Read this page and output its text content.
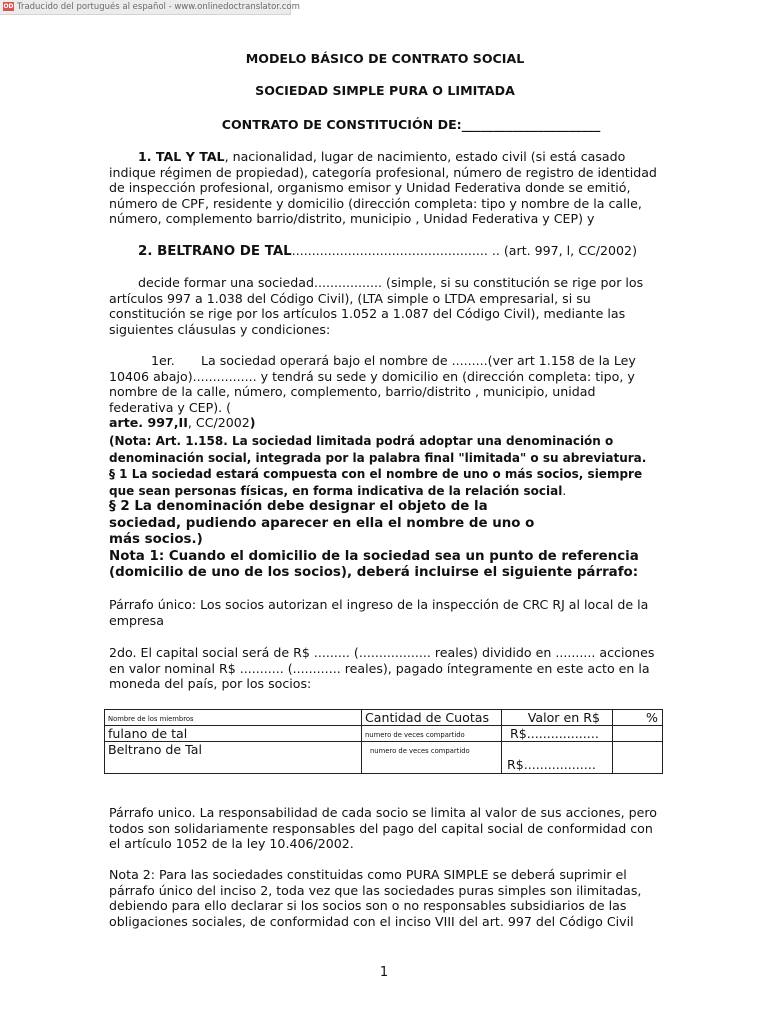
OD Traducido del portugués al español - www.onlinedoctranslator.com

MODELO BÁSICO DE CONTRATO SOCIAL

SOCIEDAD SIMPLE PURA O LIMITADA

CONTRATO DE CONSTITUCIÓN DE:______________________

1. TAL Y TAL, nacionalidad, lugar de nacimiento, estado civil (si está casado indique régimen de propiedad), categoría profesional, número de registro de identidad de inspección profesional, organismo emisor y Unidad Federativa donde se emitió, número de CPF, residente y domicilio (dirección completa: tipo y nombre de la calle, número, complemento barrio/distrito, municipio , Unidad Federativa y CEP) y

2. BELTRANO DE TAL................................................. .. (art. 997, l, CC/2002)

decide formar una sociedad................. (simple, si su constitución se rige por los artículos 997 a 1.038 del Código Civil), (LTA simple o LTDA empresarial, si su constitución se rige por los artículos 1.052 a 1.087 del Código Civil), mediante las siguientes cláusulas y condiciones:

1er. La sociedad operará bajo el nombre de .........(ver art 1.158 de la Ley
10406 abajo)................ y tendrá su sede y domicilio en (dirección completa: tipo, y nombre de la calle, número, complemento, barrio/distrito , municipio, unidad federativa y CEP). (
arte. 997,II, CC/2002)
(Nota: Art. 1.158. La sociedad limitada podrá adoptar una denominación o denominación social, integrada por la palabra final "limitada" o su abreviatura.
§ 1 La sociedad estará compuesta con el nombre de uno o más socios, siempre que sean personas físicas, en forma indicativa de la relación social.
§ 2 La denominación debe designar el objeto de la sociedad, pudiendo aparecer en ella el nombre de uno o más socios.)

Nota 1: Cuando el domicilio de la sociedad sea un punto de referencia (domicilio de uno de los socios), deberá incluirse el siguiente párrafo:

Párrafo único: Los socios autorizan el ingreso de la inspección de CRC RJ al local de la empresa

2do. El capital social será de R$ ......... (.................. reales) dividido en .......... acciones en valor nominal R$ ........... (............ reales), pagado íntegramente en este acto en la moneda del país, por los socios:

Nombre de los miembros	Cantidad de Cuotas	Valor en R$	%
fulano de tal	numero de veces compartido	R$..................	
Beltrano de Tal	numero de veces compartido	R$..................	

Párrafo unico. La responsabilidad de cada socio se limita al valor de sus acciones, pero todos son solidariamente responsables del pago del capital social de conformidad con el artículo 1052 de la ley 10.406/2002.

Nota 2: Para las sociedades constituidas como PURA SIMPLE se deberá suprimir el párrafo único del inciso 2, toda vez que las sociedades puras simples son ilimitadas, debiendo para ello declarar si los socios son o no responsables subsidiarios de las obligaciones sociales, de conformidad con el inciso VIII del art. 997 del Código Civil

1
